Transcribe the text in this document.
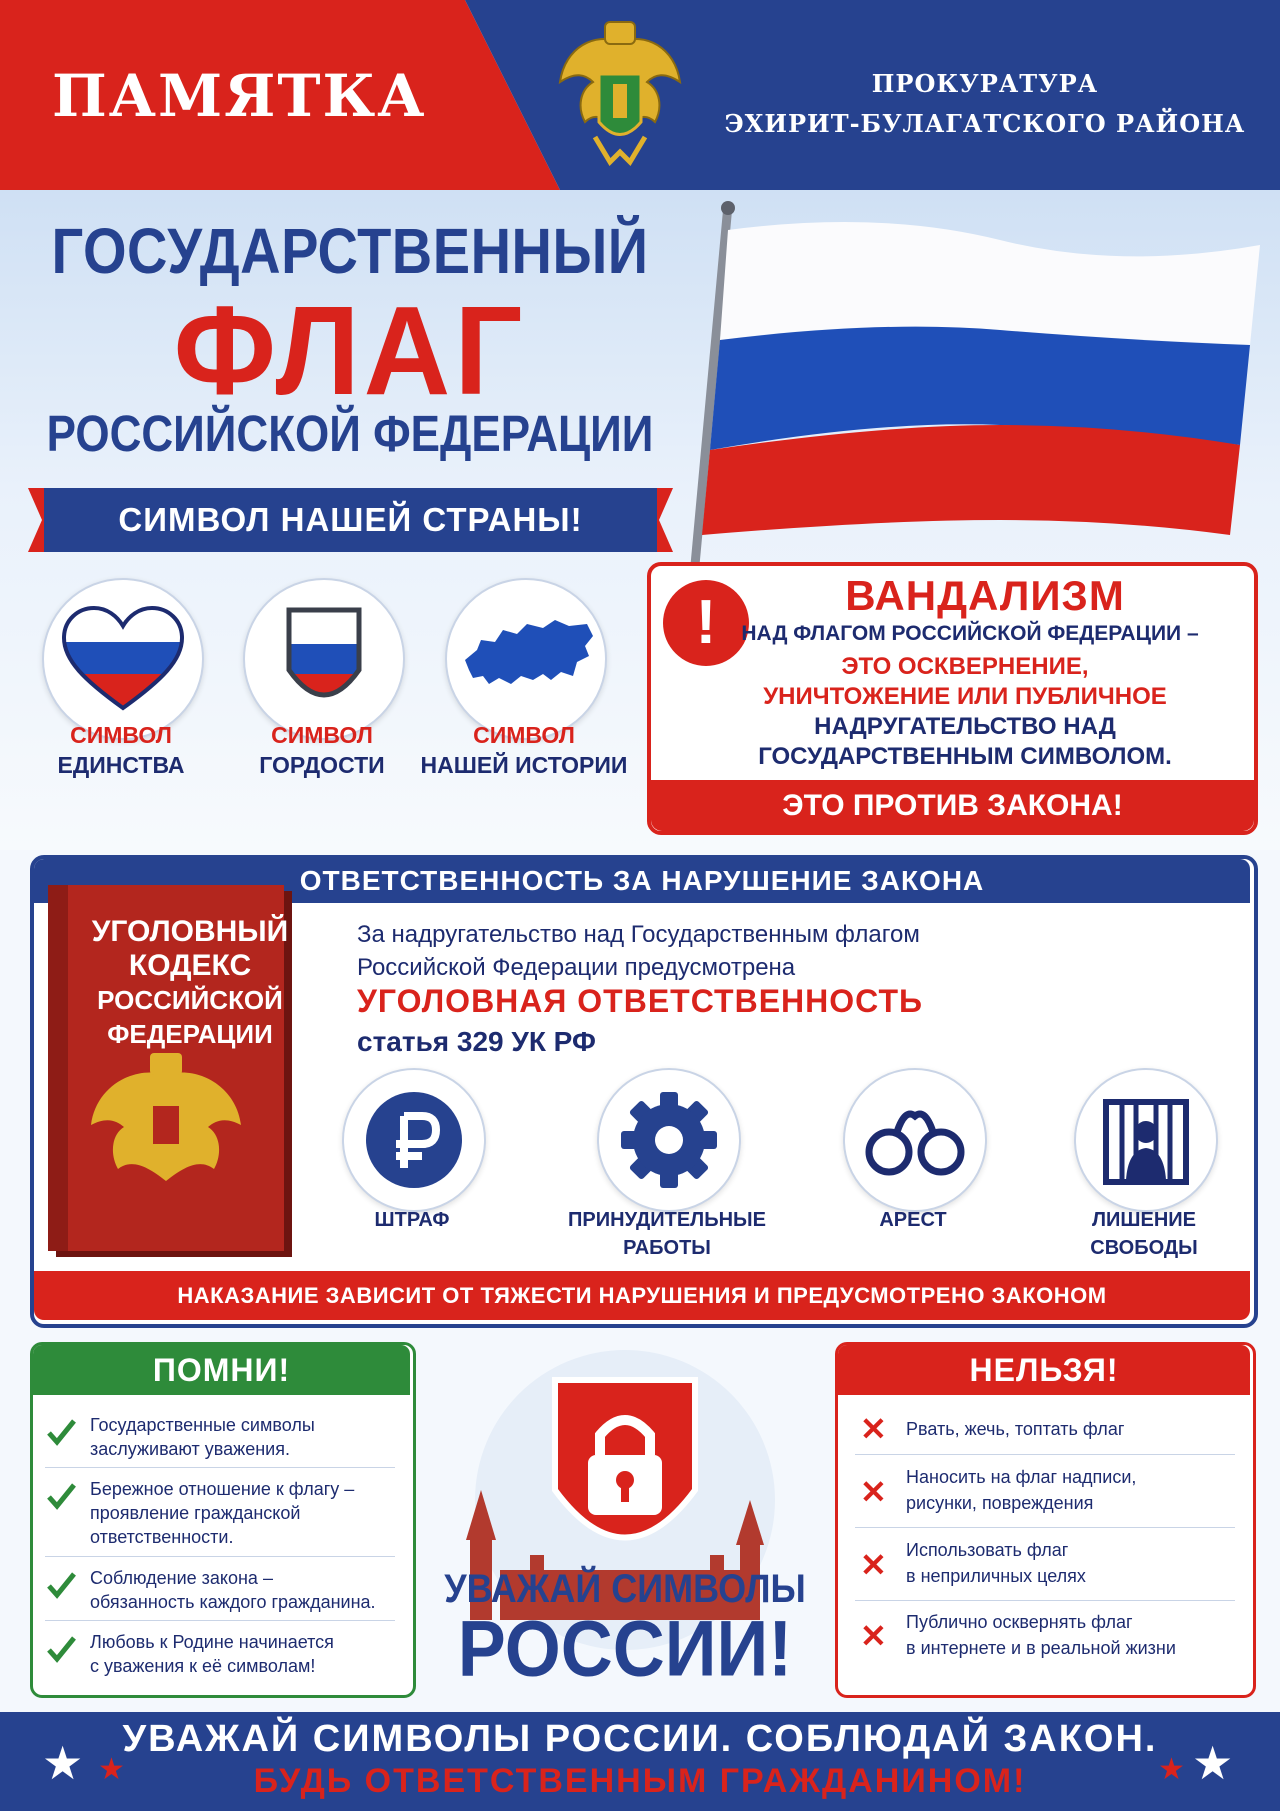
ПАМЯТКА	ПРОКУРАТУРА
ЭХИРИТ-БУЛАГАТСКОГО РАЙОНА
ГОСУДАРСТВЕННЫЙ
ФЛАГ
РОССИЙСКОЙ ФЕДЕРАЦИИ
СИМВОЛ НАШЕЙ СТРАНЫ!
СИМВОЛ
ЕДИНСТВА
СИМВОЛ
ГОРДОСТИ
СИМВОЛ
НАШЕЙ ИСТОРИИ
!	ВАНДАЛИЗМ
НАД ФЛАГОМ РОССИЙСКОЙ ФЕДЕРАЦИИ –
ЭТО ОСКВЕРНЕНИЕ,
УНИЧТОЖЕНИЕ ИЛИ ПУБЛИЧНОЕ
НАДРУГАТЕЛЬСТВО НАД
ГОСУДАРСТВЕННЫМ СИМВОЛОМ.
ЭТО ПРОТИВ ЗАКОНА!
ОТВЕТСТВЕННОСТЬ ЗА НАРУШЕНИЕ ЗАКОНА
УГОЛОВНЫЙ
КОДЕКС
РОССИЙСКОЙ
ФЕДЕРАЦИИ
За надругательство над Государственным флагом
Российской Федерации предусмотрена
УГОЛОВНАЯ ОТВЕТСТВЕННОСТЬ
статья 329 УК РФ
ШТРАФ	ПРИНУДИТЕЛЬНЫЕ
РАБОТЫ
АРЕСТ	ЛИШЕНИЕ
СВОБОДЫ
НАКАЗАНИЕ ЗАВИСИТ ОТ ТЯЖЕСТИ НАРУШЕНИЯ И ПРЕДУСМОТРЕНО ЗАКОНОМ
ПОМНИ!
Государственные символы
заслуживают уважения.
Бережное отношение к флагу –
проявление гражданской
ответственности.
Соблюдение закона –
обязанность каждого гражданина.
Любовь к Родине начинается
с уважения к её символам!
УВАЖАЙ СИМВОЛЫ
РОССИИ!
НЕЛЬЗЯ!
✕ Рвать, жечь, топтать флаг
✕ Наносить на флаг надписи,
рисунки, повреждения
✕ Использовать флаг
в неприличных целях
✕ Публично осквернять флаг
в интернете и в реальной жизни
★ ★	★ ★
УВАЖАЙ СИМВОЛЫ РОССИИ. СОБЛЮДАЙ ЗАКОН.
БУДЬ ОТВЕТСТВЕННЫМ ГРАЖДАНИНОМ!
